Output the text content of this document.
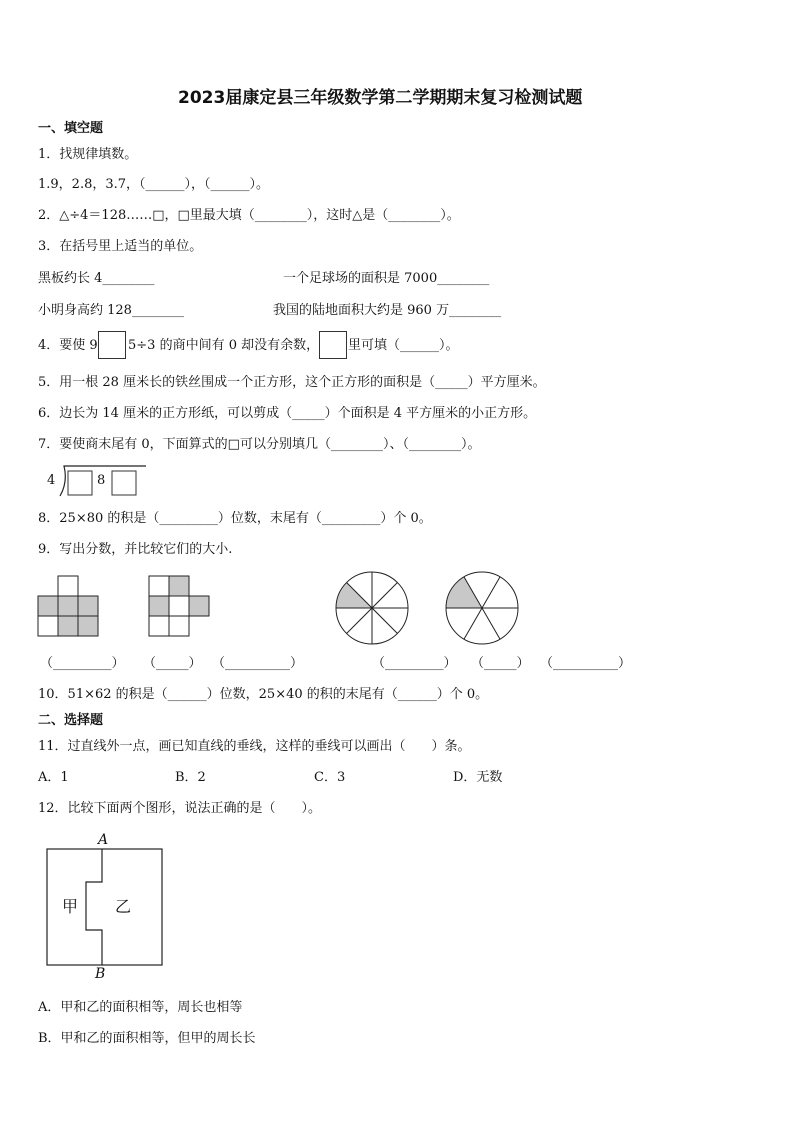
2023届康定县三年级数学第二学期期末复习检测试题
一、填空题
1．找规律填数。
1.9，2.8，3.7，（______），（______）。
2．△÷4＝128……□，□里最大填（________），这时△是（________）。
3．在括号里上适当的单位。
黑板约长 4________	一个足球场的面积是 7000________
小明身高约 128________	我国的陆地面积大约是 960 万________
4．要使 9 5÷3 的商中间有 0 却没有余数， 里可填（______）。
5．用一根 28 厘米长的铁丝围成一个正方形，这个正方形的面积是（_____）平方厘米。
6．边长为 14 厘米的正方形纸，可以剪成（_____）个面积是 4 平方厘米的小正方形。
7．要使商末尾有 0，下面算式的□可以分别填几（________）、（________）。
4	8
8．25×80 的积是（_________）位数，末尾有（_________）个 0。
9．写出分数，并比较它们的大小.
（_________） （_____） （__________）	（_________） （_____） （__________）
10．51×62 的积是（______）位数，25×40 的积的末尾有（______）个 0。
二、选择题
11．过直线外一点，画已知直线的垂线，这样的垂线可以画出（　　）条。
A．1	B．2	C．3	D．无数
12．比较下面两个图形，说法正确的是（　　）。
A
B
甲 乙
A．甲和乙的面积相等，周长也相等
B．甲和乙的面积相等，但甲的周长长
